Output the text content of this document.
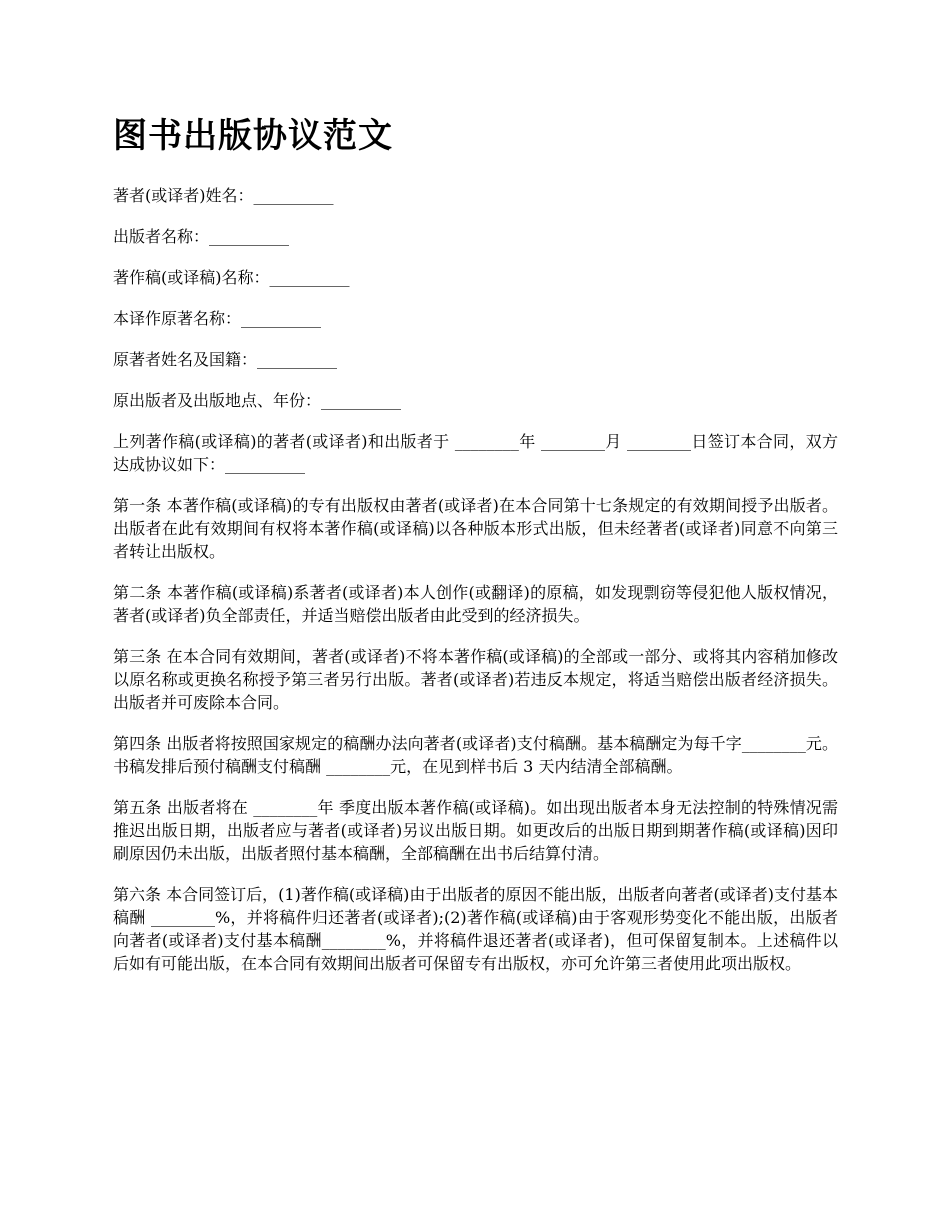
图书出版协议范文

著者(或译者)姓名：__________

出版者名称：__________

著作稿(或译稿)名称：__________

本译作原著名称：__________

原著者姓名及国籍：__________

原出版者及出版地点、年份：__________

上列著作稿(或译稿)的著者(或译者)和出版者于 ________年 ________月 ________日签订本合同，双方达成协议如下：__________

第一条 本著作稿(或译稿)的专有出版权由著者(或译者)在本合同第十七条规定的有效期间授予出版者。出版者在此有效期间有权将本著作稿(或译稿)以各种版本形式出版，但未经著者(或译者)同意不向第三者转让出版权。

第二条 本著作稿(或译稿)系著者(或译者)本人创作(或翻译)的原稿，如发现剽窃等侵犯他人版权情况，著者(或译者)负全部责任，并适当赔偿出版者由此受到的经济损失。

第三条 在本合同有效期间，著者(或译者)不将本著作稿(或译稿)的全部或一部分、或将其内容稍加修改以原名称或更换名称授予第三者另行出版。著者(或译者)若违反本规定，将适当赔偿出版者经济损失。出版者并可废除本合同。

第四条 出版者将按照国家规定的稿酬办法向著者(或译者)支付稿酬。基本稿酬定为每千字________元。书稿发排后预付稿酬支付稿酬 ________元，在见到样书后 3 天内结清全部稿酬。

第五条 出版者将在 ________年 季度出版本著作稿(或译稿)。如出现出版者本身无法控制的特殊情况需推迟出版日期，出版者应与著者(或译者)另议出版日期。如更改后的出版日期到期著作稿(或译稿)因印刷原因仍未出版，出版者照付基本稿酬，全部稿酬在出书后结算付清。

第六条 本合同签订后，(1)著作稿(或译稿)由于出版者的原因不能出版，出版者向著者(或译者)支付基本稿酬 ________%，并将稿件归还著者(或译者);(2)著作稿(或译稿)由于客观形势变化不能出版，出版者向著者(或译者)支付基本稿酬________%，并将稿件退还著者(或译者)，但可保留复制本。上述稿件以后如有可能出版，在本合同有效期间出版者可保留专有出版权，亦可允许第三者使用此项出版权。
